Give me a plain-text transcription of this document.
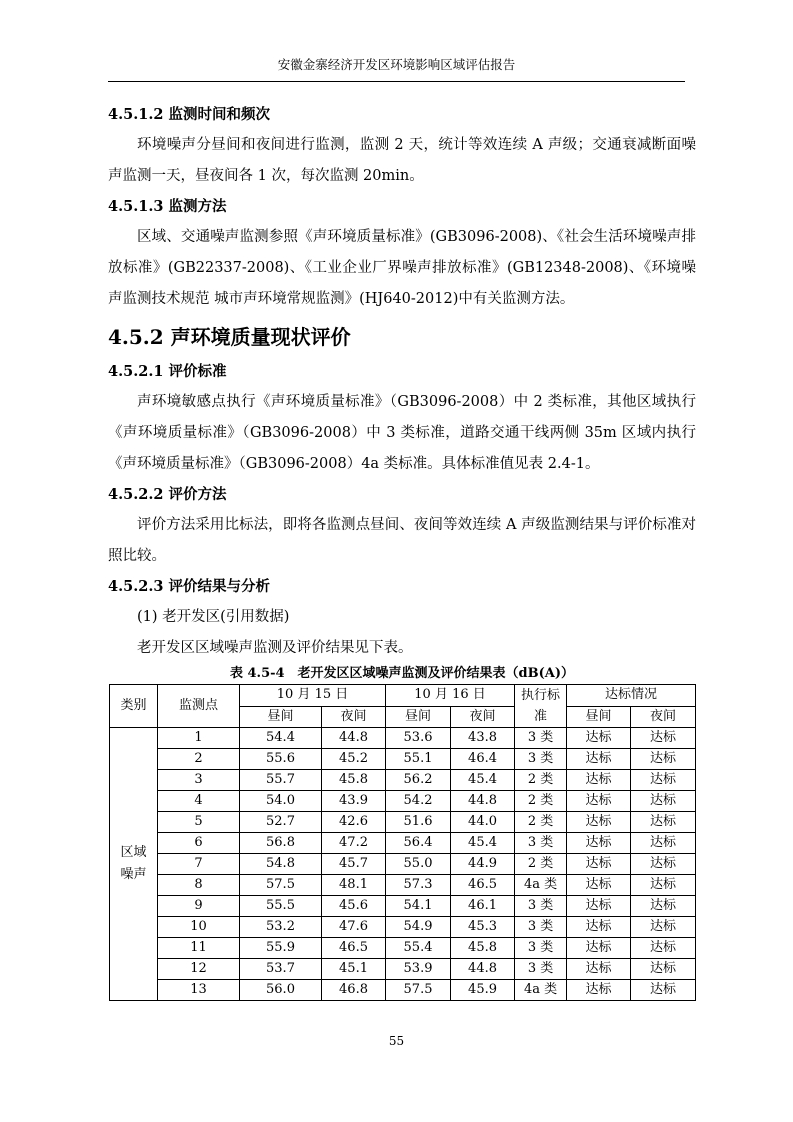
安徽金寨经济开发区环境影响区域评估报告
4.5.1.2 监测时间和频次

环境噪声分昼间和夜间进行监测，监测 2 天，统计等效连续 A 声级；交通衰减断面噪声监测一天，昼夜间各 1 次，每次监测 20min。

4.5.1.3 监测方法

区域、交通噪声监测参照《声环境质量标准》(GB3096-2008)、《社会生活环境噪声排放标准》(GB22337-2008)、《工业企业厂界噪声排放标准》(GB12348-2008)、《环境噪声监测技术规范 城市声环境常规监测》(HJ640-2012)中有关监测方法。

4.5.2 声环境质量现状评价
4.5.2.1 评价标准

声环境敏感点执行《声环境质量标准》（GB3096-2008）中 2 类标准，其他区域执行《声环境质量标准》（GB3096-2008）中 3 类标准，道路交通干线两侧 35m 区域内执行《声环境质量标准》（GB3096-2008）4a 类标准。具体标准值见表 2.4-1。

4.5.2.2 评价方法

评价方法采用比标法，即将各监测点昼间、夜间等效连续 A 声级监测结果与评价标准对照比较。

4.5.2.3 评价结果与分析

(1) 老开发区(引用数据)

老开发区区域噪声监测及评价结果见下表。

表 4.5-4　老开发区区域噪声监测及评价结果表（dB(A)）
类别	监测点	10 月 15 日		10 月 16 日		执行标准	达标情况	
		昼间	夜间	昼间	夜间		昼间	夜间
区域噪声	1	54.4	44.8	53.6	43.8	3 类	达标	达标
	2	55.6	45.2	55.1	46.4	3 类	达标	达标
	3	55.7	45.8	56.2	45.4	2 类	达标	达标
	4	54.0	43.9	54.2	44.8	2 类	达标	达标
	5	52.7	42.6	51.6	44.0	2 类	达标	达标
	6	56.8	47.2	56.4	45.4	3 类	达标	达标
	7	54.8	45.7	55.0	44.9	2 类	达标	达标
	8	57.5	48.1	57.3	46.5	4a 类	达标	达标
	9	55.5	45.6	54.1	46.1	3 类	达标	达标
	10	53.2	47.6	54.9	45.3	3 类	达标	达标
	11	55.9	46.5	55.4	45.8	3 类	达标	达标
	12	53.7	45.1	53.9	44.8	3 类	达标	达标
	13	56.0	46.8	57.5	45.9	4a 类	达标	达标
55
